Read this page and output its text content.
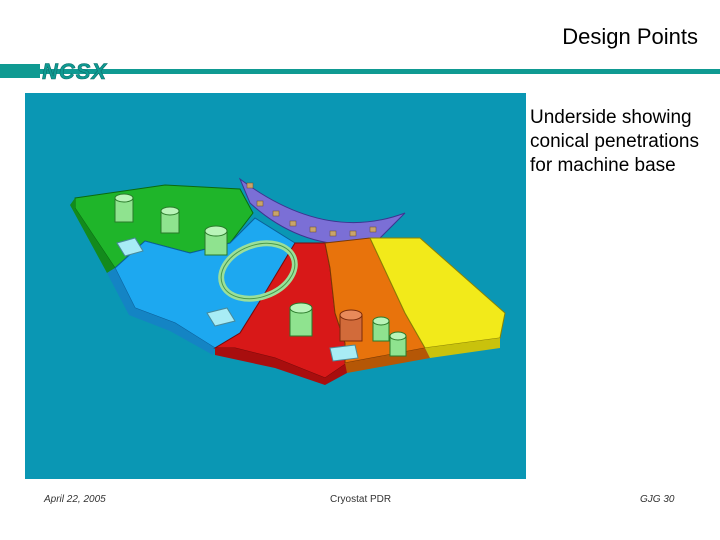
Design Points
NCSX
Underside showing conical penetrations for machine base
April 22, 2005	Cryostat PDR	GJG 30
